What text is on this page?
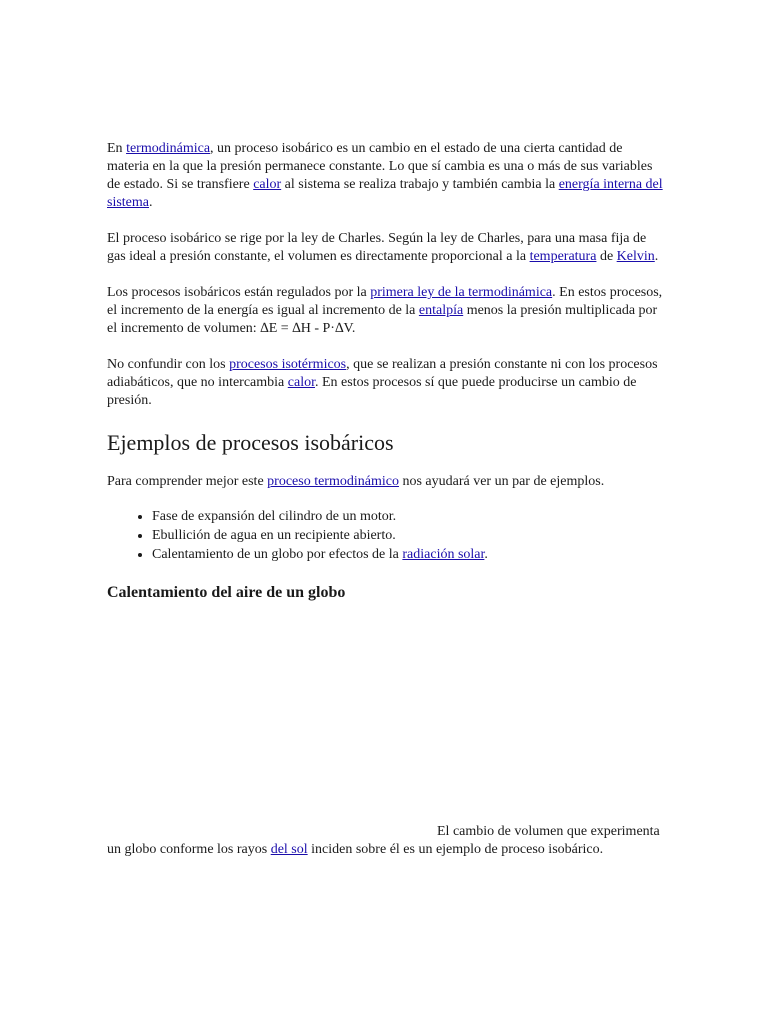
En termodinámica, un proceso isobárico es un cambio en el estado de una cierta cantidad de materia en la que la presión permanece constante. Lo que sí cambia es una o más de sus variables de estado. Si se transfiere calor al sistema se realiza trabajo y también cambia la energía interna del sistema.

El proceso isobárico se rige por la ley de Charles. Según la ley de Charles, para una masa fija de gas ideal a presión constante, el volumen es directamente proporcional a la temperatura de Kelvin.

Los procesos isobáricos están regulados por la primera ley de la termodinámica. En estos procesos, el incremento de la energía es igual al incremento de la entalpía menos la presión multiplicada por el incremento de volumen: ∆E = ∆H - P·∆V.

No confundir con los procesos isotérmicos, que se realizan a presión constante ni con los procesos adiabáticos, que no intercambia calor. En estos procesos sí que puede producirse un cambio de presión.

Ejemplos de procesos isobáricos

Para comprender mejor este proceso termodinámico nos ayudará ver un par de ejemplos.

• Fase de expansión del cilindro de un motor.
• Ebullición de agua en un recipiente abierto.
• Calentamiento de un globo por efectos de la radiación solar.
Calentamiento del aire de un globo

El cambio de volumen que experimenta un globo conforme los rayos del sol inciden sobre él es un ejemplo de proceso isobárico.
